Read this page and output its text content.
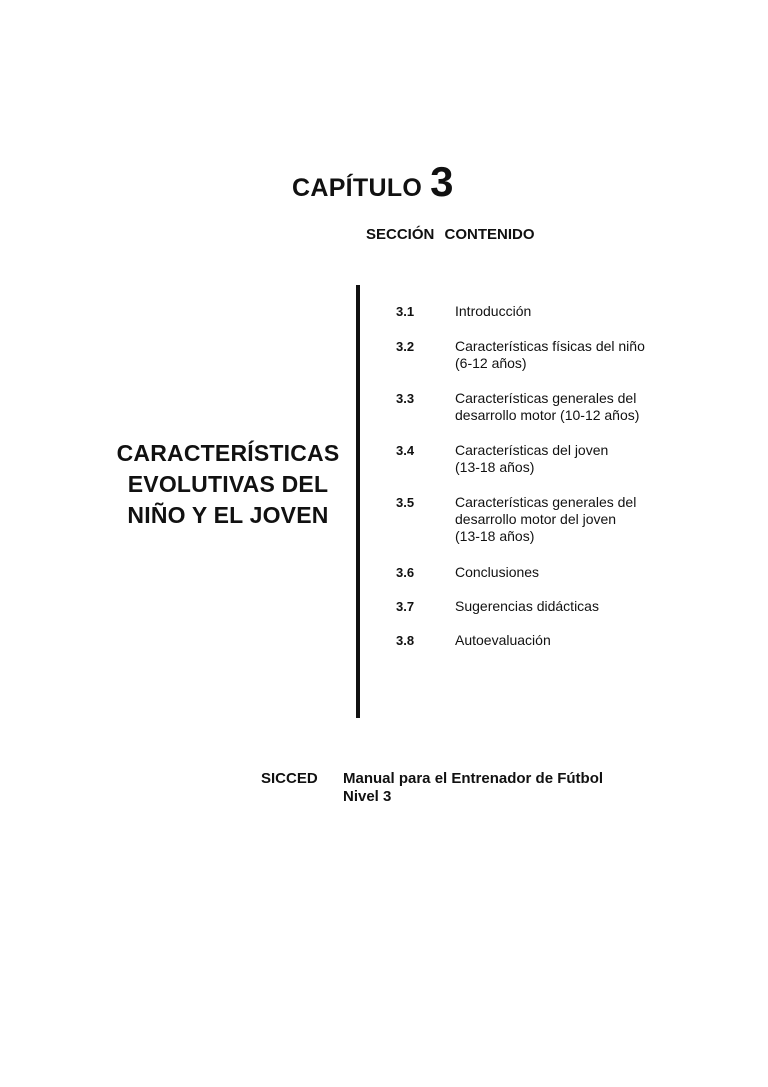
CAPÍTULO 3
SECCIÓN CONTENIDO
CARACTERÍSTICAS
EVOLUTIVAS DEL
NIÑO Y EL JOVEN
3.1	Introducción
3.2	Características físicas del niño
(6-12 años)
3.3	Características generales del
desarrollo motor (10-12 años)
3.4	Características del joven
(13-18 años)
3.5	Características generales del
desarrollo motor del joven
(13-18 años)
3.6	Conclusiones
3.7	Sugerencias didácticas
3.8	Autoevaluación
SICCED Manual para el Entrenador de Fútbol
Nivel 3
